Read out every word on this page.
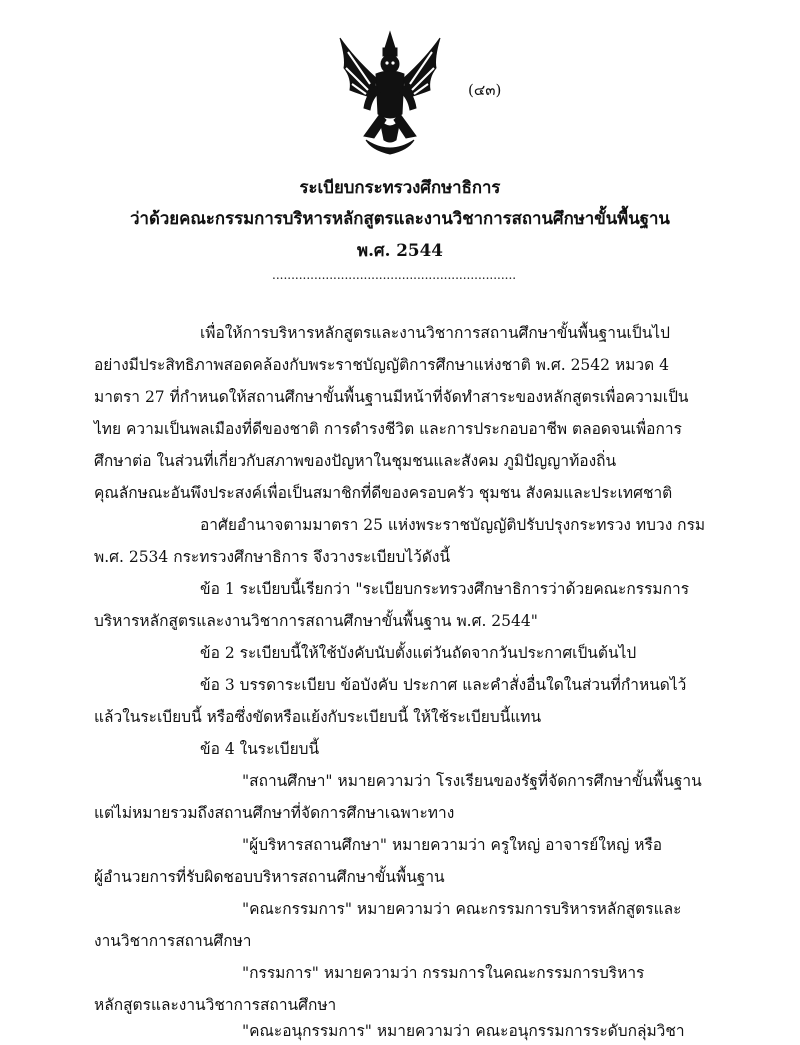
(๔๓)
ระเบียบกระทรวงศึกษาธิการ
ว่าด้วยคณะกรรมการบริหารหลักสูตรและงานวิชาการสถานศึกษาขั้นพื้นฐาน
พ.ศ. 2544
................................................................
เพื่อให้การบริหารหลักสูตรและงานวิชาการสถานศึกษาขั้นพื้นฐานเป็นไป
อย่างมีประสิทธิภาพสอดคล้องกับพระราชบัญญัติการศึกษาแห่งชาติ พ.ศ. 2542 หมวด 4
มาตรา 27 ที่กำหนดให้สถานศึกษาขั้นพื้นฐานมีหน้าที่จัดทำสาระของหลักสูตรเพื่อความเป็น
ไทย ความเป็นพลเมืองที่ดีของชาติ การดำรงชีวิต และการประกอบอาชีพ ตลอดจนเพื่อการ
ศึกษาต่อ ในส่วนที่เกี่ยวกับสภาพของปัญหาในชุมชนและสังคม ภูมิปัญญาท้องถิ่น
คุณลักษณะอันพึงประสงค์เพื่อเป็นสมาชิกที่ดีของครอบครัว ชุมชน สังคมและประเทศชาติ
อาศัยอำนาจตามมาตรา 25 แห่งพระราชบัญญัติปรับปรุงกระทรวง ทบวง กรม
พ.ศ. 2534 กระทรวงศึกษาธิการ จึงวางระเบียบไว้ดังนี้
ข้อ 1 ระเบียบนี้เรียกว่า "ระเบียบกระทรวงศึกษาธิการว่าด้วยคณะกรรมการ
บริหารหลักสูตรและงานวิชาการสถานศึกษาขั้นพื้นฐาน พ.ศ. 2544"
ข้อ 2 ระเบียบนี้ให้ใช้บังคับนับตั้งแต่วันถัดจากวันประกาศเป็นต้นไป
ข้อ 3 บรรดาระเบียบ ข้อบังคับ ประกาศ และคำสั่งอื่นใดในส่วนที่กำหนดไว้
แล้วในระเบียบนี้ หรือซึ่งขัดหรือแย้งกับระเบียบนี้ ให้ใช้ระเบียบนี้แทน
ข้อ 4 ในระเบียบนี้
"สถานศึกษา" หมายความว่า โรงเรียนของรัฐที่จัดการศึกษาขั้นพื้นฐาน
แต่ไม่หมายรวมถึงสถานศึกษาที่จัดการศึกษาเฉพาะทาง
"ผู้บริหารสถานศึกษา" หมายความว่า ครูใหญ่ อาจารย์ใหญ่ หรือ
ผู้อำนวยการที่รับผิดชอบบริหารสถานศึกษาขั้นพื้นฐาน
"คณะกรรมการ" หมายความว่า คณะกรรมการบริหารหลักสูตรและ
งานวิชาการสถานศึกษา
"กรรมการ" หมายความว่า กรรมการในคณะกรรมการบริหาร
หลักสูตรและงานวิชาการสถานศึกษา
"คณะอนุกรรมการ" หมายความว่า คณะอนุกรรมการระดับกลุ่มวิชา
